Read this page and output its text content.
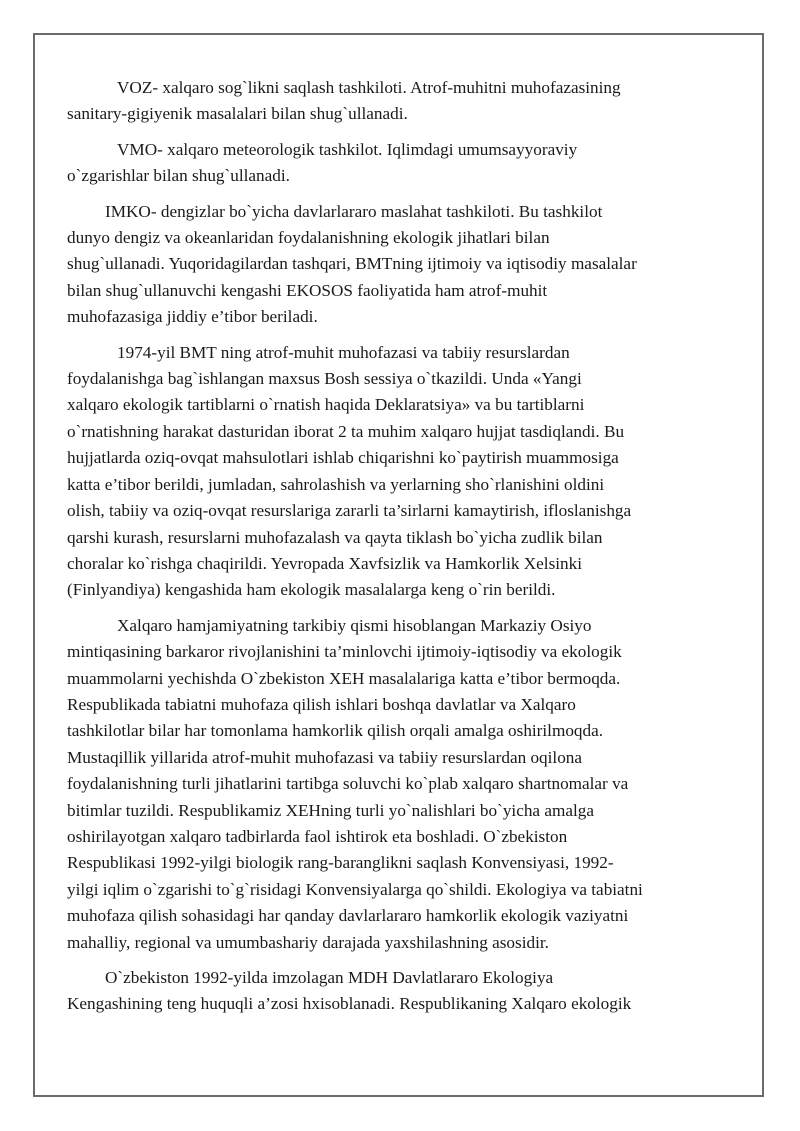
VOZ- xalqaro sog`likni saqlash tashkiloti. Atrof-muhitni muhofazasining
sanitary-gigiyenik masalalari bilan shug`ullanadi.
VMO- xalqaro meteorologik tashkilot. Iqlimdagi umumsayyoraviy
o`zgarishlar bilan shug`ullanadi.
IMKO- dengizlar bo`yicha davlarlararo maslahat tashkiloti. Bu tashkilot
dunyo dengiz va okeanlaridan foydalanishning ekologik jihatlari bilan
shug`ullanadi. Yuqoridagilardan tashqari, BMTning ijtimoiy va iqtisodiy masalalar
bilan shug`ullanuvchi kengashi EKOSOS faoliyatida ham atrof-muhit
muhofazasiga jiddiy e’tibor beriladi.
1974-yil BMT ning atrof-muhit muhofazasi va tabiiy resurslardan
foydalanishga bag`ishlangan maxsus Bosh sessiya o`tkazildi. Unda «Yangi
xalqaro ekologik tartiblarni o`rnatish haqida Deklaratsiya» va bu tartiblarni
o`rnatishning harakat dasturidan iborat 2 ta muhim xalqaro hujjat tasdiqlandi. Bu
hujjatlarda oziq-ovqat mahsulotlari ishlab chiqarishni ko`paytirish muammosiga
katta e’tibor berildi, jumladan, sahrolashish va yerlarning sho`rlanishini oldini
olish, tabiiy va oziq-ovqat resurslariga zararli ta’sirlarni kamaytirish, ifloslanishga
qarshi kurash, resurslarni muhofazalash va qayta tiklash bo`yicha zudlik bilan
choralar ko`rishga chaqirildi. Yevropada Xavfsizlik va Hamkorlik Xelsinki
(Finlyandiya) kengashida ham ekologik masalalarga keng o`rin berildi.
Xalqaro hamjamiyatning tarkibiy qismi hisoblangan Markaziy Osiyo
mintiqasining barkaror rivojlanishini ta’minlovchi ijtimoiy-iqtisodiy va ekologik
muammolarni yechishda O`zbekiston XEH masalalariga katta e’tibor bermoqda.
Respublikada tabiatni muhofaza qilish ishlari boshqa davlatlar va Xalqaro
tashkilotlar bilar har tomonlama hamkorlik qilish orqali amalga oshirilmoqda.
Mustaqillik yillarida atrof-muhit muhofazasi va tabiiy resurslardan oqilona
foydalanishning turli jihatlarini tartibga soluvchi ko`plab xalqaro shartnomalar va
bitimlar tuzildi. Respublikamiz XEHning turli yo`nalishlari bo`yicha amalga
oshirilayotgan xalqaro tadbirlarda faol ishtirok eta boshladi. O`zbekiston
Respublikasi 1992-yilgi biologik rang-baranglikni saqlash Konvensiyasi, 1992-
yilgi iqlim o`zgarishi to`g`risidagi Konvensiyalarga qo`shildi. Ekologiya va tabiatni
muhofaza qilish sohasidagi har qanday davlarlararo hamkorlik ekologik vaziyatni
mahalliy, regional va umumbashariy darajada yaxshilashning asosidir.
O`zbekiston 1992-yilda imzolagan MDH Davlatlararo Ekologiya
Kengashining teng huquqli a’zosi hxisoblanadi. Respublikaning Xalqaro ekologik
